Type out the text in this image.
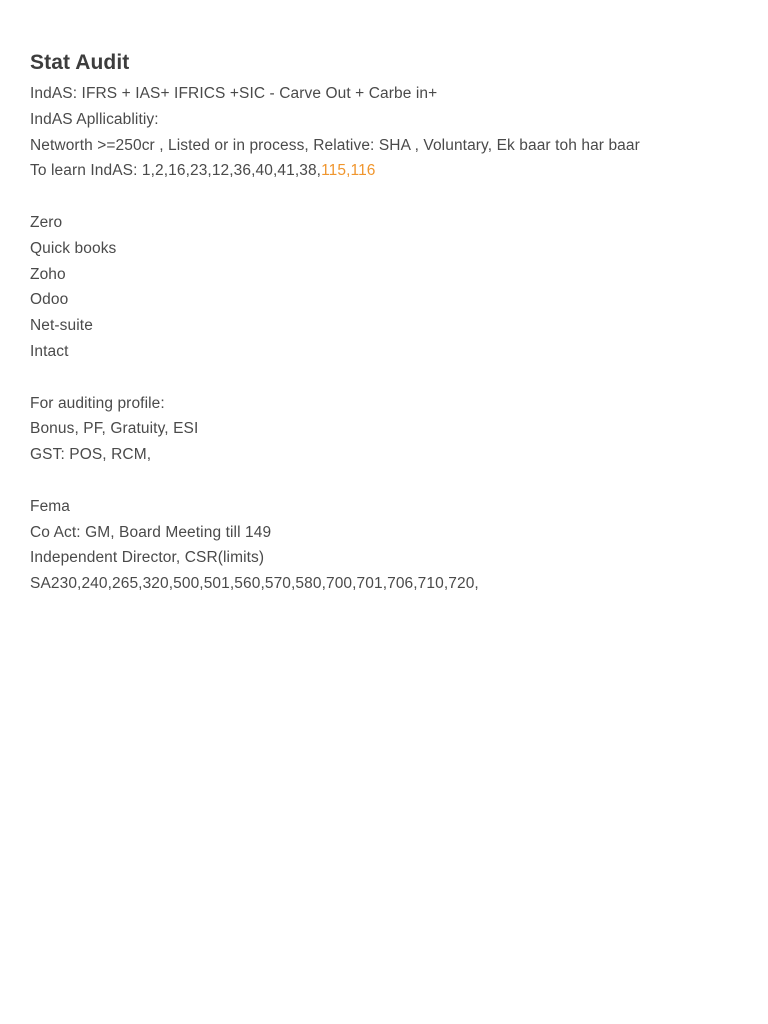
Stat Audit
IndAS: IFRS + IAS+ IFRICS +SIC - Carve Out + Carbe in+
IndAS Apllicablitiy:
Networth >=250cr , Listed or in process, Relative: SHA , Voluntary, Ek baar toh har baar
To learn IndAS: 1,2,16,23,12,36,40,41,38,115,116
Zero
Quick books
Zoho
Odoo
Net-suite
Intact
For auditing profile:
Bonus, PF, Gratuity, ESI
GST: POS, RCM,
Fema
Co Act: GM, Board Meeting till 149
Independent Director, CSR(limits)
SA230,240,265,320,500,501,560,570,580,700,701,706,710,720,
